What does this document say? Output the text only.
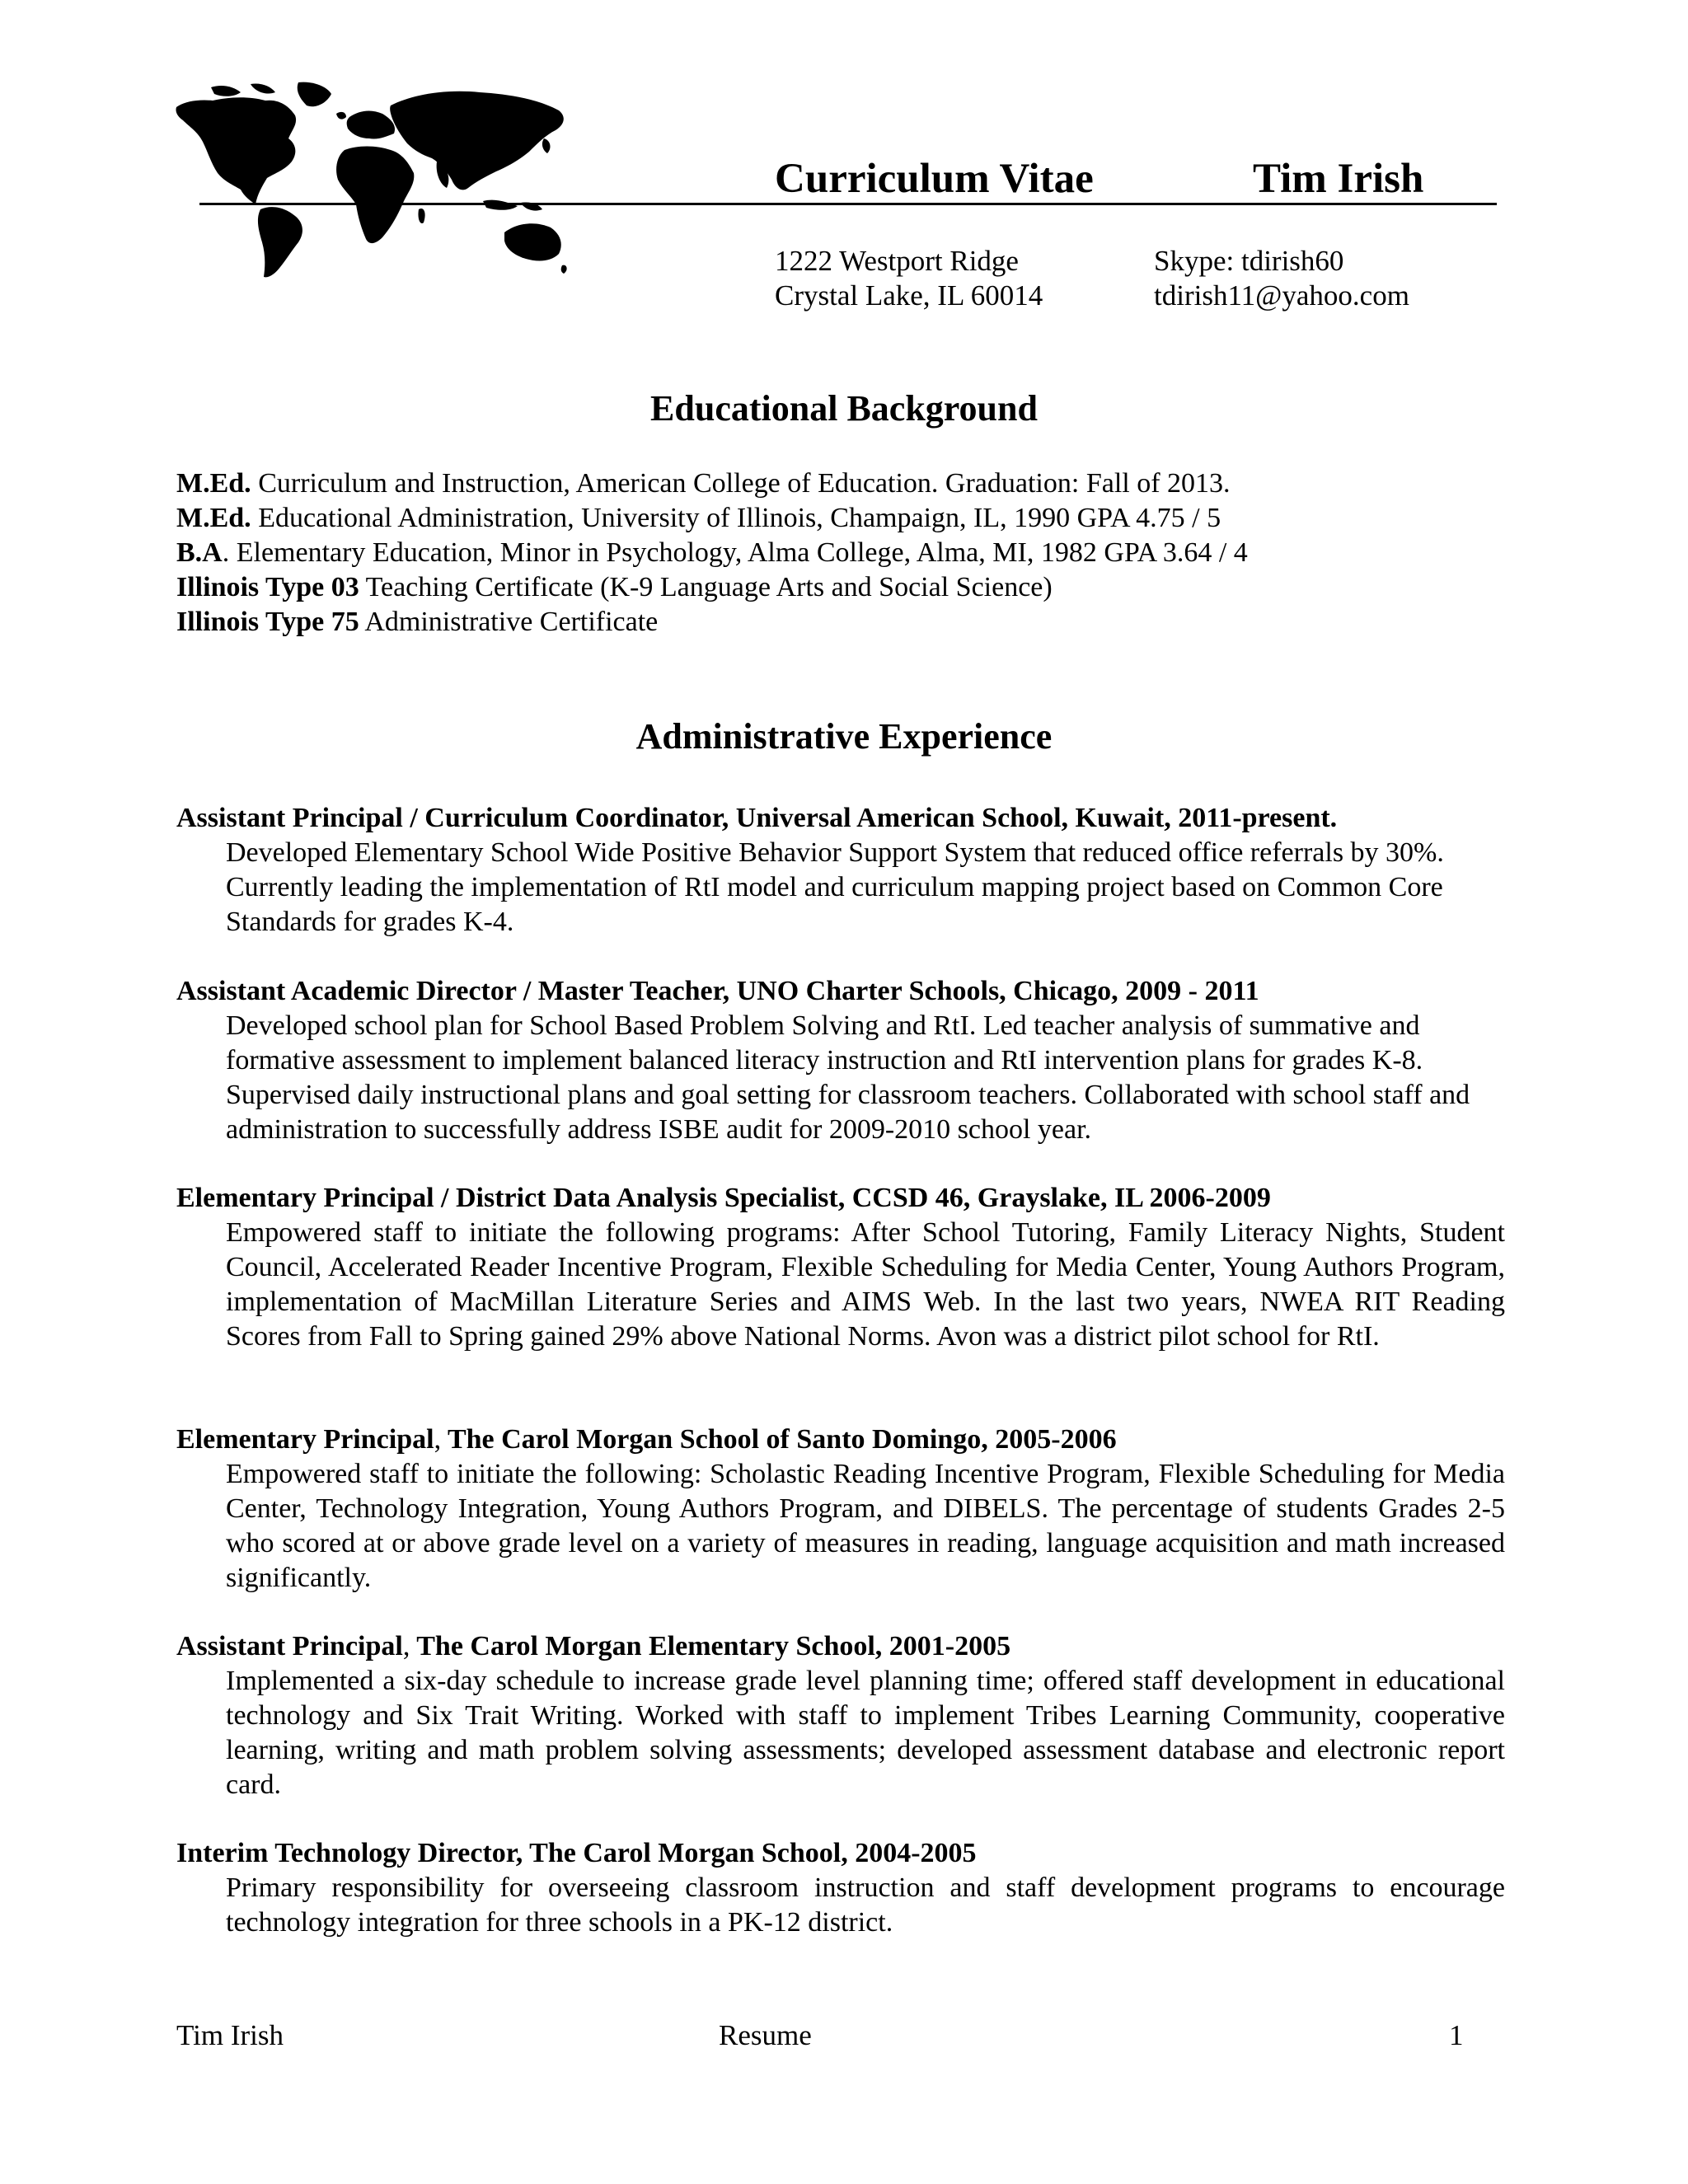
Curriculum Vitae	Tim Irish
1222 Westport Ridge
Crystal Lake, IL 60014
Skype: tdirish60
tdirish11@yahoo.com
Educational Background
M.Ed. Curriculum and Instruction, American College of Education. Graduation: Fall of 2013.
M.Ed. Educational Administration, University of Illinois, Champaign, IL, 1990 GPA 4.75 / 5
B.A. Elementary Education, Minor in Psychology, Alma College, Alma, MI, 1982 GPA 3.64 / 4
Illinois Type 03 Teaching Certificate (K-9 Language Arts and Social Science)
Illinois Type 75 Administrative Certificate
Administrative Experience
Assistant Principal / Curriculum Coordinator, Universal American School, Kuwait, 2011-present.
Developed Elementary School Wide Positive Behavior Support System that reduced office referrals by 30%. Currently leading the implementation of RtI model and curriculum mapping project based on Common Core Standards for grades K-4.
Assistant Academic Director / Master Teacher, UNO Charter Schools, Chicago, 2009 - 2011
Developed school plan for School Based Problem Solving and RtI. Led teacher analysis of summative and formative assessment to implement balanced literacy instruction and RtI intervention plans for grades K-8. Supervised daily instructional plans and goal setting for classroom teachers. Collaborated with school staff and administration to successfully address ISBE audit for 2009-2010 school year.
Elementary Principal / District Data Analysis Specialist, CCSD 46, Grayslake, IL 2006-2009
Empowered staff to initiate the following programs: After School Tutoring, Family Literacy Nights, Student Council, Accelerated Reader Incentive Program, Flexible Scheduling for Media Center, Young Authors Program, implementation of MacMillan Literature Series and AIMS Web. In the last two years, NWEA RIT Reading Scores from Fall to Spring gained 29% above National Norms. Avon was a district pilot school for RtI.
Elementary Principal, The Carol Morgan School of Santo Domingo, 2005-2006
Empowered staff to initiate the following: Scholastic Reading Incentive Program, Flexible Scheduling for Media Center, Technology Integration, Young Authors Program, and DIBELS. The percentage of students Grades 2-5 who scored at or above grade level on a variety of measures in reading, language acquisition and math increased significantly.
Assistant Principal, The Carol Morgan Elementary School, 2001-2005
Implemented a six-day schedule to increase grade level planning time; offered staff development in educational technology and Six Trait Writing. Worked with staff to implement Tribes Learning Community, cooperative learning, writing and math problem solving assessments; developed assessment database and electronic report card.
Interim Technology Director, The Carol Morgan School, 2004-2005
Primary responsibility for overseeing classroom instruction and staff development programs to encourage technology integration for three schools in a PK-12 district.
Tim Irish	Resume	1
